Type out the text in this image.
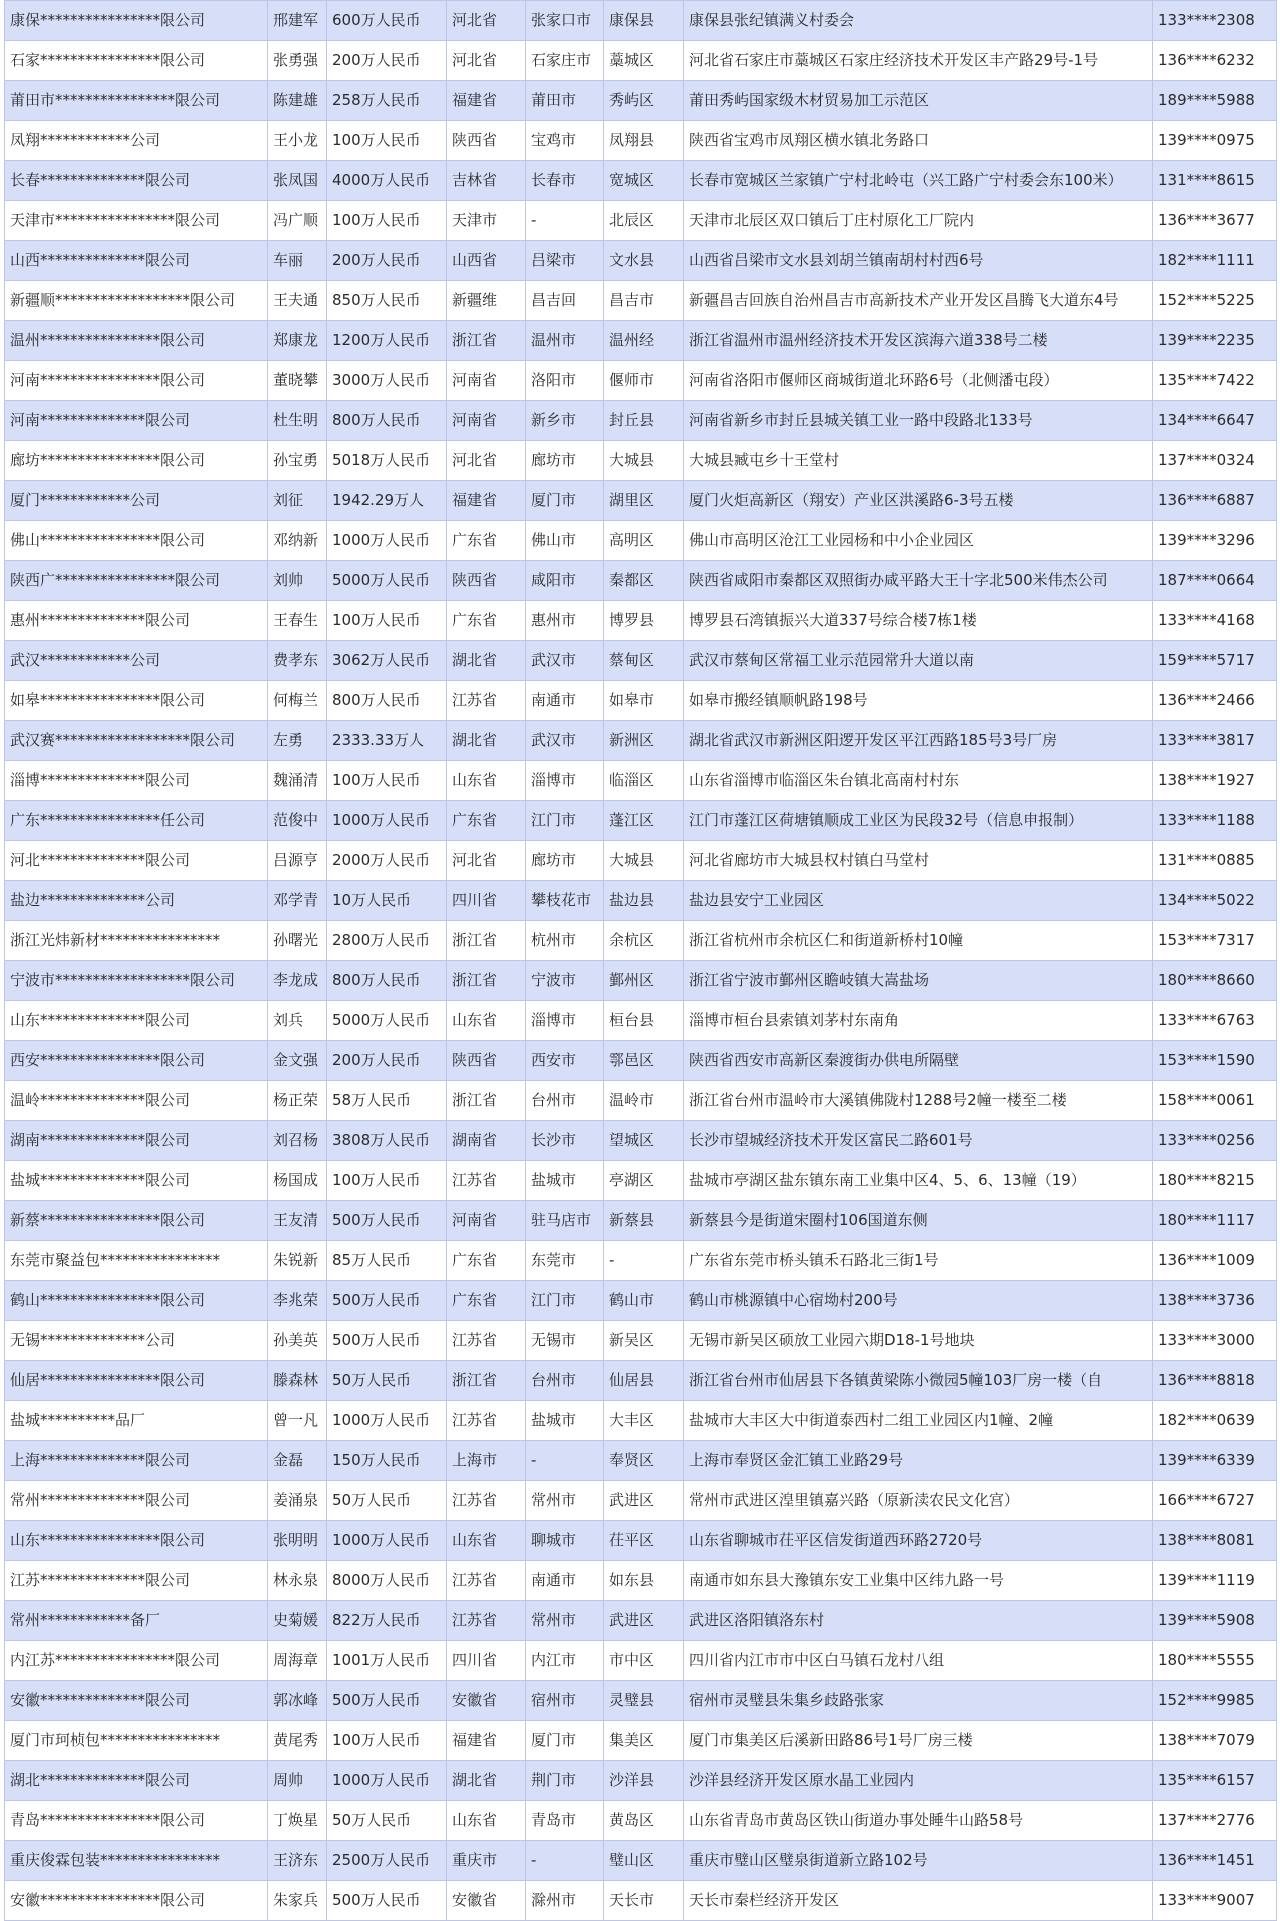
康保****************限公司	邢建军	600万人民币	河北省	张家口市	康保县	康保县张纪镇满义村委会	133****2308
石家****************限公司	张勇强	200万人民币	河北省	石家庄市	藁城区	河北省石家庄市藁城区石家庄经济技术开发区丰产路29号-1号	136****6232
莆田市****************限公司	陈建雄	258万人民币	福建省	莆田市	秀屿区	莆田秀屿国家级木材贸易加工示范区	189****5988
凤翔************公司	王小龙	100万人民币	陕西省	宝鸡市	凤翔县	陕西省宝鸡市凤翔区横水镇北务路口	139****0975
长春**************限公司	张凤国	4000万人民币	吉林省	长春市	宽城区	长春市宽城区兰家镇广宁村北岭屯（兴工路广宁村委会东100米）	131****8615
天津市****************限公司	冯广顺	100万人民币	天津市	-	北辰区	天津市北辰区双口镇后丁庄村原化工厂院内	136****3677
山西**************限公司	车丽	200万人民币	山西省	吕梁市	文水县	山西省吕梁市文水县刘胡兰镇南胡村村西6号	182****1111
新疆顺******************限公司	王夫通	850万人民币	新疆维	昌吉回	昌吉市	新疆昌吉回族自治州昌吉市高新技术产业开发区昌腾飞大道东4号	152****5225
温州****************限公司	郑康龙	1200万人民币	浙江省	温州市	温州经	浙江省温州市温州经济技术开发区滨海六道338号二楼	139****2235
河南****************限公司	董晓攀	3000万人民币	河南省	洛阳市	偃师市	河南省洛阳市偃师区商城街道北环路6号（北侧潘屯段）	135****7422
河南**************限公司	杜生明	800万人民币	河南省	新乡市	封丘县	河南省新乡市封丘县城关镇工业一路中段路北133号	134****6647
廊坊****************限公司	孙宝勇	5018万人民币	河北省	廊坊市	大城县	大城县臧屯乡十王堂村	137****0324
厦门************公司	刘征	1942.29万人	福建省	厦门市	湖里区	厦门火炬高新区（翔安）产业区洪溪路6-3号五楼	136****6887
佛山****************限公司	邓纳新	1000万人民币	广东省	佛山市	高明区	佛山市高明区沧江工业园杨和中小企业园区	139****3296
陕西广****************限公司	刘帅	5000万人民币	陕西省	咸阳市	秦都区	陕西省咸阳市秦都区双照街办咸平路大王十字北500米伟杰公司	187****0664
惠州**************限公司	王春生	100万人民币	广东省	惠州市	博罗县	博罗县石湾镇振兴大道337号综合楼7栋1楼	133****4168
武汉************公司	费孝东	3062万人民币	湖北省	武汉市	蔡甸区	武汉市蔡甸区常福工业示范园常升大道以南	159****5717
如皋****************限公司	何梅兰	800万人民币	江苏省	南通市	如皋市	如皋市搬经镇顺帆路198号	136****2466
武汉赛******************限公司	左勇	2333.33万人	湖北省	武汉市	新洲区	湖北省武汉市新洲区阳逻开发区平江西路185号3号厂房	133****3817
淄博**************限公司	魏涌清	100万人民币	山东省	淄博市	临淄区	山东省淄博市临淄区朱台镇北高南村村东	138****1927
广东****************任公司	范俊中	1000万人民币	广东省	江门市	蓬江区	江门市蓬江区荷塘镇顺成工业区为民段32号（信息申报制）	133****1188
河北**************限公司	吕源亨	2000万人民币	河北省	廊坊市	大城县	河北省廊坊市大城县权村镇白马堂村	131****0885
盐边**************公司	邓学青	10万人民币	四川省	攀枝花市	盐边县	盐边县安宁工业园区	134****5022
浙江光炜新材****************	孙曙光	2800万人民币	浙江省	杭州市	余杭区	浙江省杭州市余杭区仁和街道新桥村10幢	153****7317
宁波市******************限公司	李龙成	800万人民币	浙江省	宁波市	鄞州区	浙江省宁波市鄞州区瞻岐镇大嵩盐场	180****8660
山东**************限公司	刘兵	5000万人民币	山东省	淄博市	桓台县	淄博市桓台县索镇刘茅村东南角	133****6763
西安****************限公司	金文强	200万人民币	陕西省	西安市	鄠邑区	陕西省西安市高新区秦渡街办供电所隔壁	153****1590
温岭**************限公司	杨正荣	58万人民币	浙江省	台州市	温岭市	浙江省台州市温岭市大溪镇佛陇村1288号2幢一楼至二楼	158****0061
湖南**************限公司	刘召杨	3808万人民币	湖南省	长沙市	望城区	长沙市望城经济技术开发区富民二路601号	133****0256
盐城**************限公司	杨国成	100万人民币	江苏省	盐城市	亭湖区	盐城市亭湖区盐东镇东南工业集中区4、5、6、13幢（19）	180****8215
新蔡****************限公司	王友清	500万人民币	河南省	驻马店市	新蔡县	新蔡县今是街道宋圈村106国道东侧	180****1117
东莞市聚益包****************	朱锐新	85万人民币	广东省	东莞市	-	广东省东莞市桥头镇禾石路北三街1号	136****1009
鹤山****************限公司	李兆荣	500万人民币	广东省	江门市	鹤山市	鹤山市桃源镇中心宿坳村200号	138****3736
无锡**************公司	孙美英	500万人民币	江苏省	无锡市	新吴区	无锡市新吴区硕放工业园六期D18-1号地块	133****3000
仙居****************限公司	滕森林	50万人民币	浙江省	台州市	仙居县	浙江省台州市仙居县下各镇黄梁陈小微园5幢103厂房一楼（自	136****8818
盐城**********品厂	曾一凡	1000万人民币	江苏省	盐城市	大丰区	盐城市大丰区大中街道泰西村二组工业园区内1幢、2幢	182****0639
上海**************限公司	金磊	150万人民币	上海市	-	奉贤区	上海市奉贤区金汇镇工业路29号	139****6339
常州**************限公司	姜涌泉	50万人民币	江苏省	常州市	武进区	常州市武进区湟里镇嘉兴路（原新渎农民文化宫）	166****6727
山东****************限公司	张明明	1000万人民币	山东省	聊城市	茌平区	山东省聊城市茌平区信发街道西环路2720号	138****8081
江苏**************限公司	林永泉	8000万人民币	江苏省	南通市	如东县	南通市如东县大豫镇东安工业集中区纬九路一号	139****1119
常州************备厂	史菊媛	822万人民币	江苏省	常州市	武进区	武进区洛阳镇洛东村	139****5908
内江苏****************限公司	周海章	1001万人民币	四川省	内江市	市中区	四川省内江市市中区白马镇石龙村八组	180****5555
安徽**************限公司	郭冰峰	500万人民币	安徽省	宿州市	灵璧县	宿州市灵璧县朱集乡歧路张家	152****9985
厦门市珂桢包****************	黄尾秀	100万人民币	福建省	厦门市	集美区	厦门市集美区后溪新田路86号1号厂房三楼	138****7079
湖北**************限公司	周帅	1000万人民币	湖北省	荆门市	沙洋县	沙洋县经济开发区原水晶工业园内	135****6157
青岛****************限公司	丁焕星	50万人民币	山东省	青岛市	黄岛区	山东省青岛市黄岛区铁山街道办事处睡牛山路58号	137****2776
重庆俊霖包装****************	王济东	2500万人民币	重庆市	-	璧山区	重庆市璧山区璧泉街道新立路102号	136****1451
安徽****************限公司	朱家兵	500万人民币	安徽省	滁州市	天长市	天长市秦栏经济开发区	133****9007
